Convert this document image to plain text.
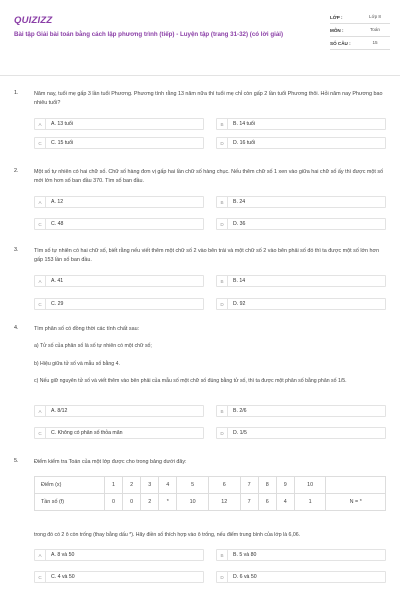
QUIZIZZ
Bài tập Giải bài toán bằng cách lập phương trình (tiếp) - Luyện tập (trang 31-32) (có lời giải)
LỚP :	Lớp 8
MÔN :	Toán
SỐ CÂU :	15
1.	Năm nay, tuổi mẹ gấp 3 lần tuổi Phương. Phương tính rằng 13 năm nữa thì tuổi mẹ chỉ còn gấp 2 lần tuổi Phương thôi. Hỏi năm nay Phương bao nhiêu tuổi?
A	A. 13 tuổi	B	B. 14 tuổi
C	C. 15 tuổi	D	D. 16 tuổi
2.	Một số tự nhiên có hai chữ số. Chữ số hàng đơn vị gấp hai lần chữ số hàng chục. Nếu thêm chữ số 1 xen vào giữa hai chữ số ấy thì được một số mới lớn hơn số ban đầu 370. Tìm số ban đầu.
A	A. 12	B	B. 24
C	C. 48	D	D. 36
3.	Tìm số tự nhiên có hai chữ số, biết rằng nếu viết thêm một chữ số 2 vào bên trái và một chữ số 2 vào bên phải số đó thì ta được một số lớn hơn gấp 153 lần số ban đầu.
A	A. 41	B	B. 14
C	C. 29	D	D. 92
4.	Tìm phân số có đồng thời các tính chất sau:
a) Tử số của phân số là số tự nhiên có một chữ số;
b) Hiệu giữa tử số và mẫu số bằng 4.
c) Nếu giữ nguyên tử số và viết thêm vào bên phải của mẫu số một chữ số đúng bằng tử số, thì ta được một phân số bằng phân số 1/5.
A	A. 8/12	B	B. 2/6
C	C. Không có phân số thỏa mãn	D	D. 1/5
5.	Điểm kiểm tra Toán của một lớp được cho trong bảng dưới đây:
Điểm (x)	1	2	3	4	5	6	7	8	9	10	
Tần số (f)	0	0	2	*	10	12	7	6	4	1	N = *
trong đó có 2 ô còn trống (thay bằng dấu *). Hãy điền số thích hợp vào ô trống, nếu điểm trung bình của lớp là 6,06.
A	A. 8 và 50	B	B. 5 và 80
C	C. 4 và 50	D	D. 6 và 50
